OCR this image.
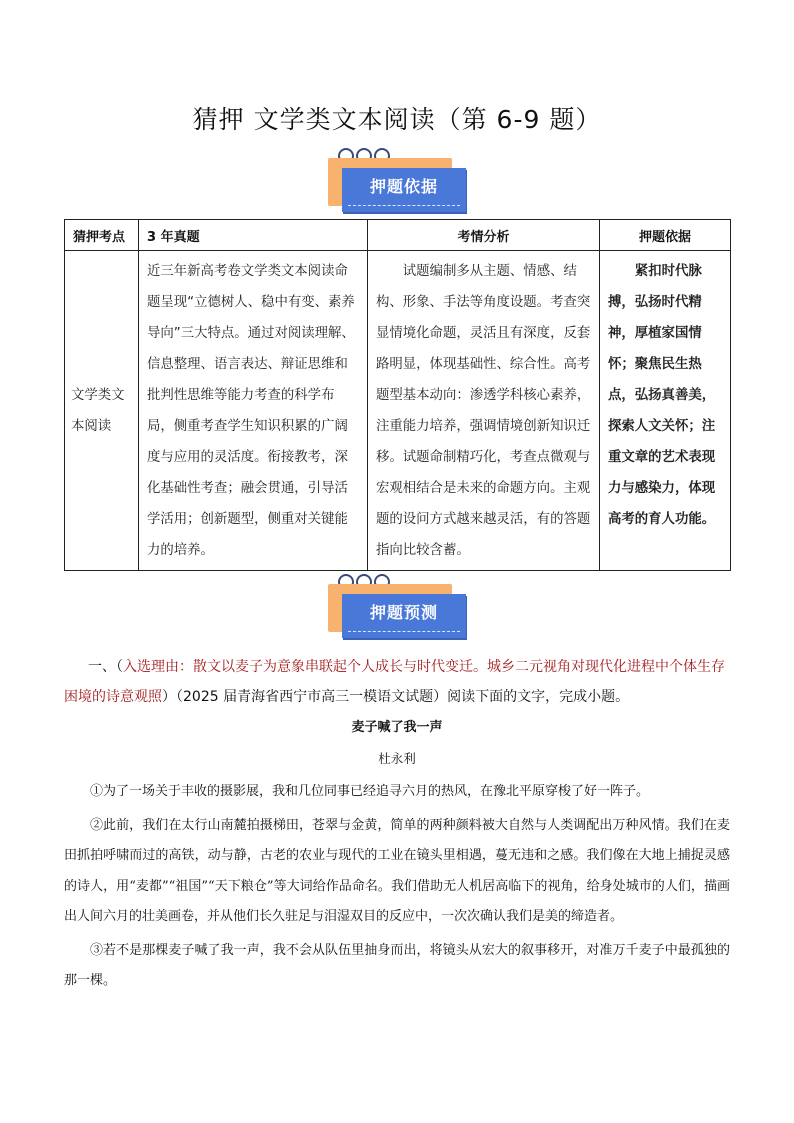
猜押 文学类文本阅读（第 6-9 题）
押题依据
猜押考点	3 年真题	考情分析	押题依据
文学类文本阅读	近三年新高考卷文学类文本阅读命题呈现“立德树人、稳中有变、素养导向”三大特点。通过对阅读理解、信息整理、语言表达、辩证思维和批判性思维等能力考查的科学布局，侧重考查学生知识积累的广阔度与应用的灵活度。衔接教考，深化基础性考查；融会贯通，引导活学活用；创新题型，侧重对关键能力的培养。	试题编制多从主题、情感、结构、形象、手法等角度设题。考查突显情境化命题，灵活且有深度，反套路明显，体现基础性、综合性。高考题型基本动向：渗透学科核心素养，注重能力培养，强调情境创新知识迁移。试题命制精巧化，考查点微观与宏观相结合是未来的命题方向。主观题的设问方式越来越灵活，有的答题指向比较含蓄。	紧扣时代脉搏，弘扬时代精神，厚植家国情怀；聚焦民生热点，弘扬真善美，探索人文关怀；注重文章的艺术表现力与感染力，体现高考的育人功能。
押题预测
一、（入选理由：散文以麦子为意象串联起个人成长与时代变迁。城乡二元视角对现代化进程中个体生存困境的诗意观照）（2025 届青海省西宁市高三一模语文试题）阅读下面的文字，完成小题。
麦子喊了我一声
杜永利

①为了一场关于丰收的摄影展，我和几位同事已经追寻六月的热风，在豫北平原穿梭了好一阵子。

②此前，我们在太行山南麓拍摄梯田，苍翠与金黄，简单的两种颜料被大自然与人类调配出万种风情。我们在麦田抓拍呼啸而过的高铁，动与静，古老的农业与现代的工业在镜头里相遇，蔓无违和之感。我们像在大地上捕捉灵感的诗人，用“麦都”“祖国”“天下粮仓”等大词给作品命名。我们借助无人机居高临下的视角，给身处城市的人们，描画出人间六月的壮美画卷，并从他们长久驻足与泪湿双目的反应中，一次次确认我们是美的缔造者。

③若不是那棵麦子喊了我一声，我不会从队伍里抽身而出，将镜头从宏大的叙事移开，对准万千麦子中最孤独的那一棵。
